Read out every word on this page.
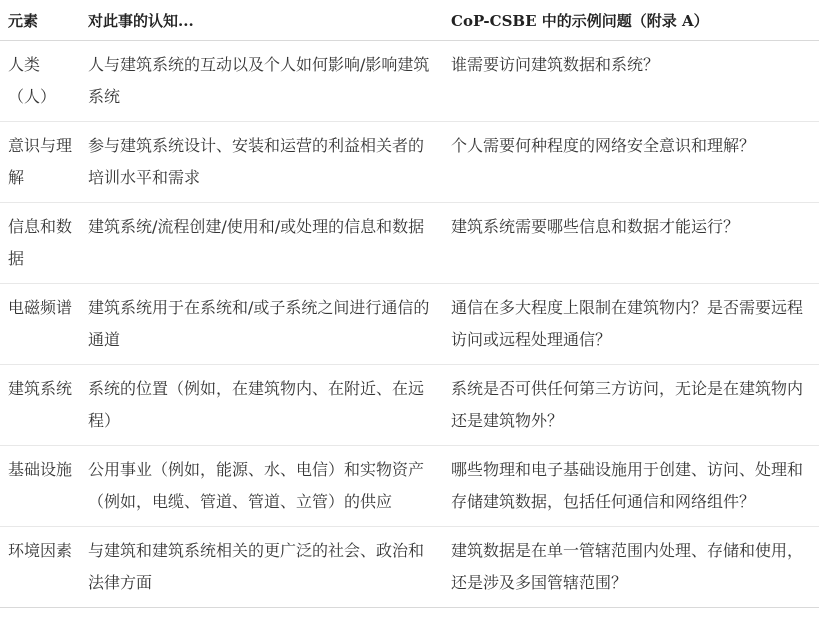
元素	对此事的认知...	CoP-CSBE 中的示例问题（附录 A）
人类（人）	人与建筑系统的互动以及个人如何影响/影响建筑系统	谁需要访问建筑数据和系统？
意识与理解	参与建筑系统设计、安装和运营的利益相关者的培训水平和需求	个人需要何种程度的网络安全意识和理解？
信息和数据	建筑系统/流程创建/使用和/或处理的信息和数据	建筑系统需要哪些信息和数据才能运行？
电磁频谱	建筑系统用于在系统和/或子系统之间进行通信的通道	通信在多大程度上限制在建筑物内？是否需要远程访问或远程处理通信？
建筑系统	系统的位置（例如，在建筑物内、在附近、在远程）	系统是否可供任何第三方访问，无论是在建筑物内还是建筑物外？
基础设施	公用事业（例如，能源、水、电信）和实物资产（例如，电缆、管道、管道、立管）的供应	哪些物理和电子基础设施用于创建、访问、处理和存储建筑数据，包括任何通信和网络组件？
环境因素	与建筑和建筑系统相关的更广泛的社会、政治和法律方面	建筑数据是在单一管辖范围内处理、存储和使用，还是涉及多国管辖范围？
